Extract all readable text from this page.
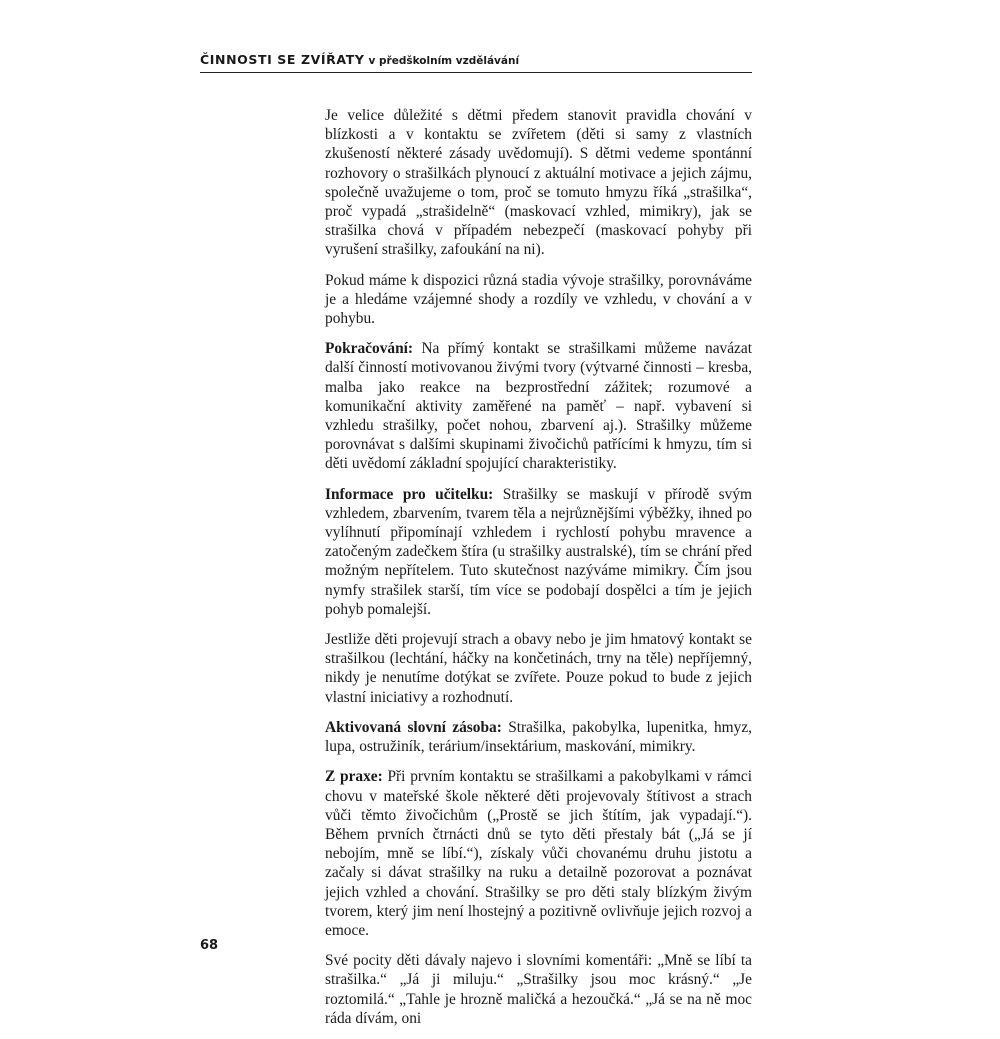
ČINNOSTI SE ZVÍŘATY v předškolním vzdělávání

Je velice důležité s dětmi předem stanovit pravidla chování v blízkosti a v kontaktu se zvířetem (děti si samy z vlastních zkušeností některé zásady uvědomují). S dětmi vedeme spontánní rozhovory o strašilkách plynoucí z aktuální motivace a jejich zájmu, společně uvažujeme o tom, proč se tomuto hmyzu říká „strašilka“, proč vypadá „strašidelně“ (maskovací vzhled, mimikry), jak se strašilka chová v případém nebezpečí (maskovací pohyby při vyrušení strašilky, zafoukání na ni).

Pokud máme k dispozici různá stadia vývoje strašilky, porovnáváme je a hledáme vzájemné shody a rozdíly ve vzhledu, v chování a v pohybu.

Pokračování: Na přímý kontakt se strašilkami můžeme navázat další činností motivovanou živými tvory (výtvarné činnosti – kresba, malba jako reakce na bezprostřední zážitek; rozumové a komunikační aktivity zaměřené na paměť – např. vybavení si vzhledu strašilky, počet nohou, zbarvení aj.). Strašilky můžeme porovnávat s dalšími skupinami živočichů patřícími k hmyzu, tím si děti uvědomí základní spojující charakteristiky.

Informace pro učitelku: Strašilky se maskují v přírodě svým vzhledem, zbarvením, tvarem těla a nejrůznějšími výběžky, ihned po vylíhnutí připomínají vzhledem i rychlostí pohybu mravence a zatočeným zadečkem štíra (u strašilky australské), tím se chrání před možným nepřítelem. Tuto skutečnost nazýváme mimikry. Čím jsou nymfy strašilek starší, tím více se podobají dospělci a tím je jejich pohyb pomalejší.

Jestliže děti projevují strach a obavy nebo je jim hmatový kontakt se strašilkou (lechtání, háčky na končetinách, trny na těle) nepříjemný, nikdy je nenutíme dotýkat se zvířete. Pouze pokud to bude z jejich vlastní iniciativy a rozhodnutí.

Aktivovaná slovní zásoba: Strašilka, pakobylka, lupenitka, hmyz, lupa, ostružiník, terárium/insektárium, maskování, mimikry.

Z praxe: Při prvním kontaktu se strašilkami a pakobylkami v rámci chovu v mateřské škole některé děti projevovaly štítivost a strach vůči těmto živočichům („Prostě se jich štítím, jak vypadají.“). Během prvních čtrnácti dnů se tyto děti přestaly bát („Já se jí nebojím, mně se líbí.“), získaly vůči chovanému druhu jistotu a začaly si dávat strašilky na ruku a detailně pozorovat a poznávat jejich vzhled a chování. Strašilky se pro děti staly blízkým živým tvorem, který jim není lhostejný a pozitivně ovlivňuje jejich rozvoj a emoce.

Své pocity děti dávaly najevo i slovními komentáři: „Mně se líbí ta strašilka.“ „Já ji miluju.“ „Strašilky jsou moc krásný.“ „Je roztomilá.“ „Tahle je hrozně maličká a hezoučká.“ „Já se na ně moc ráda dívám, oni

68
